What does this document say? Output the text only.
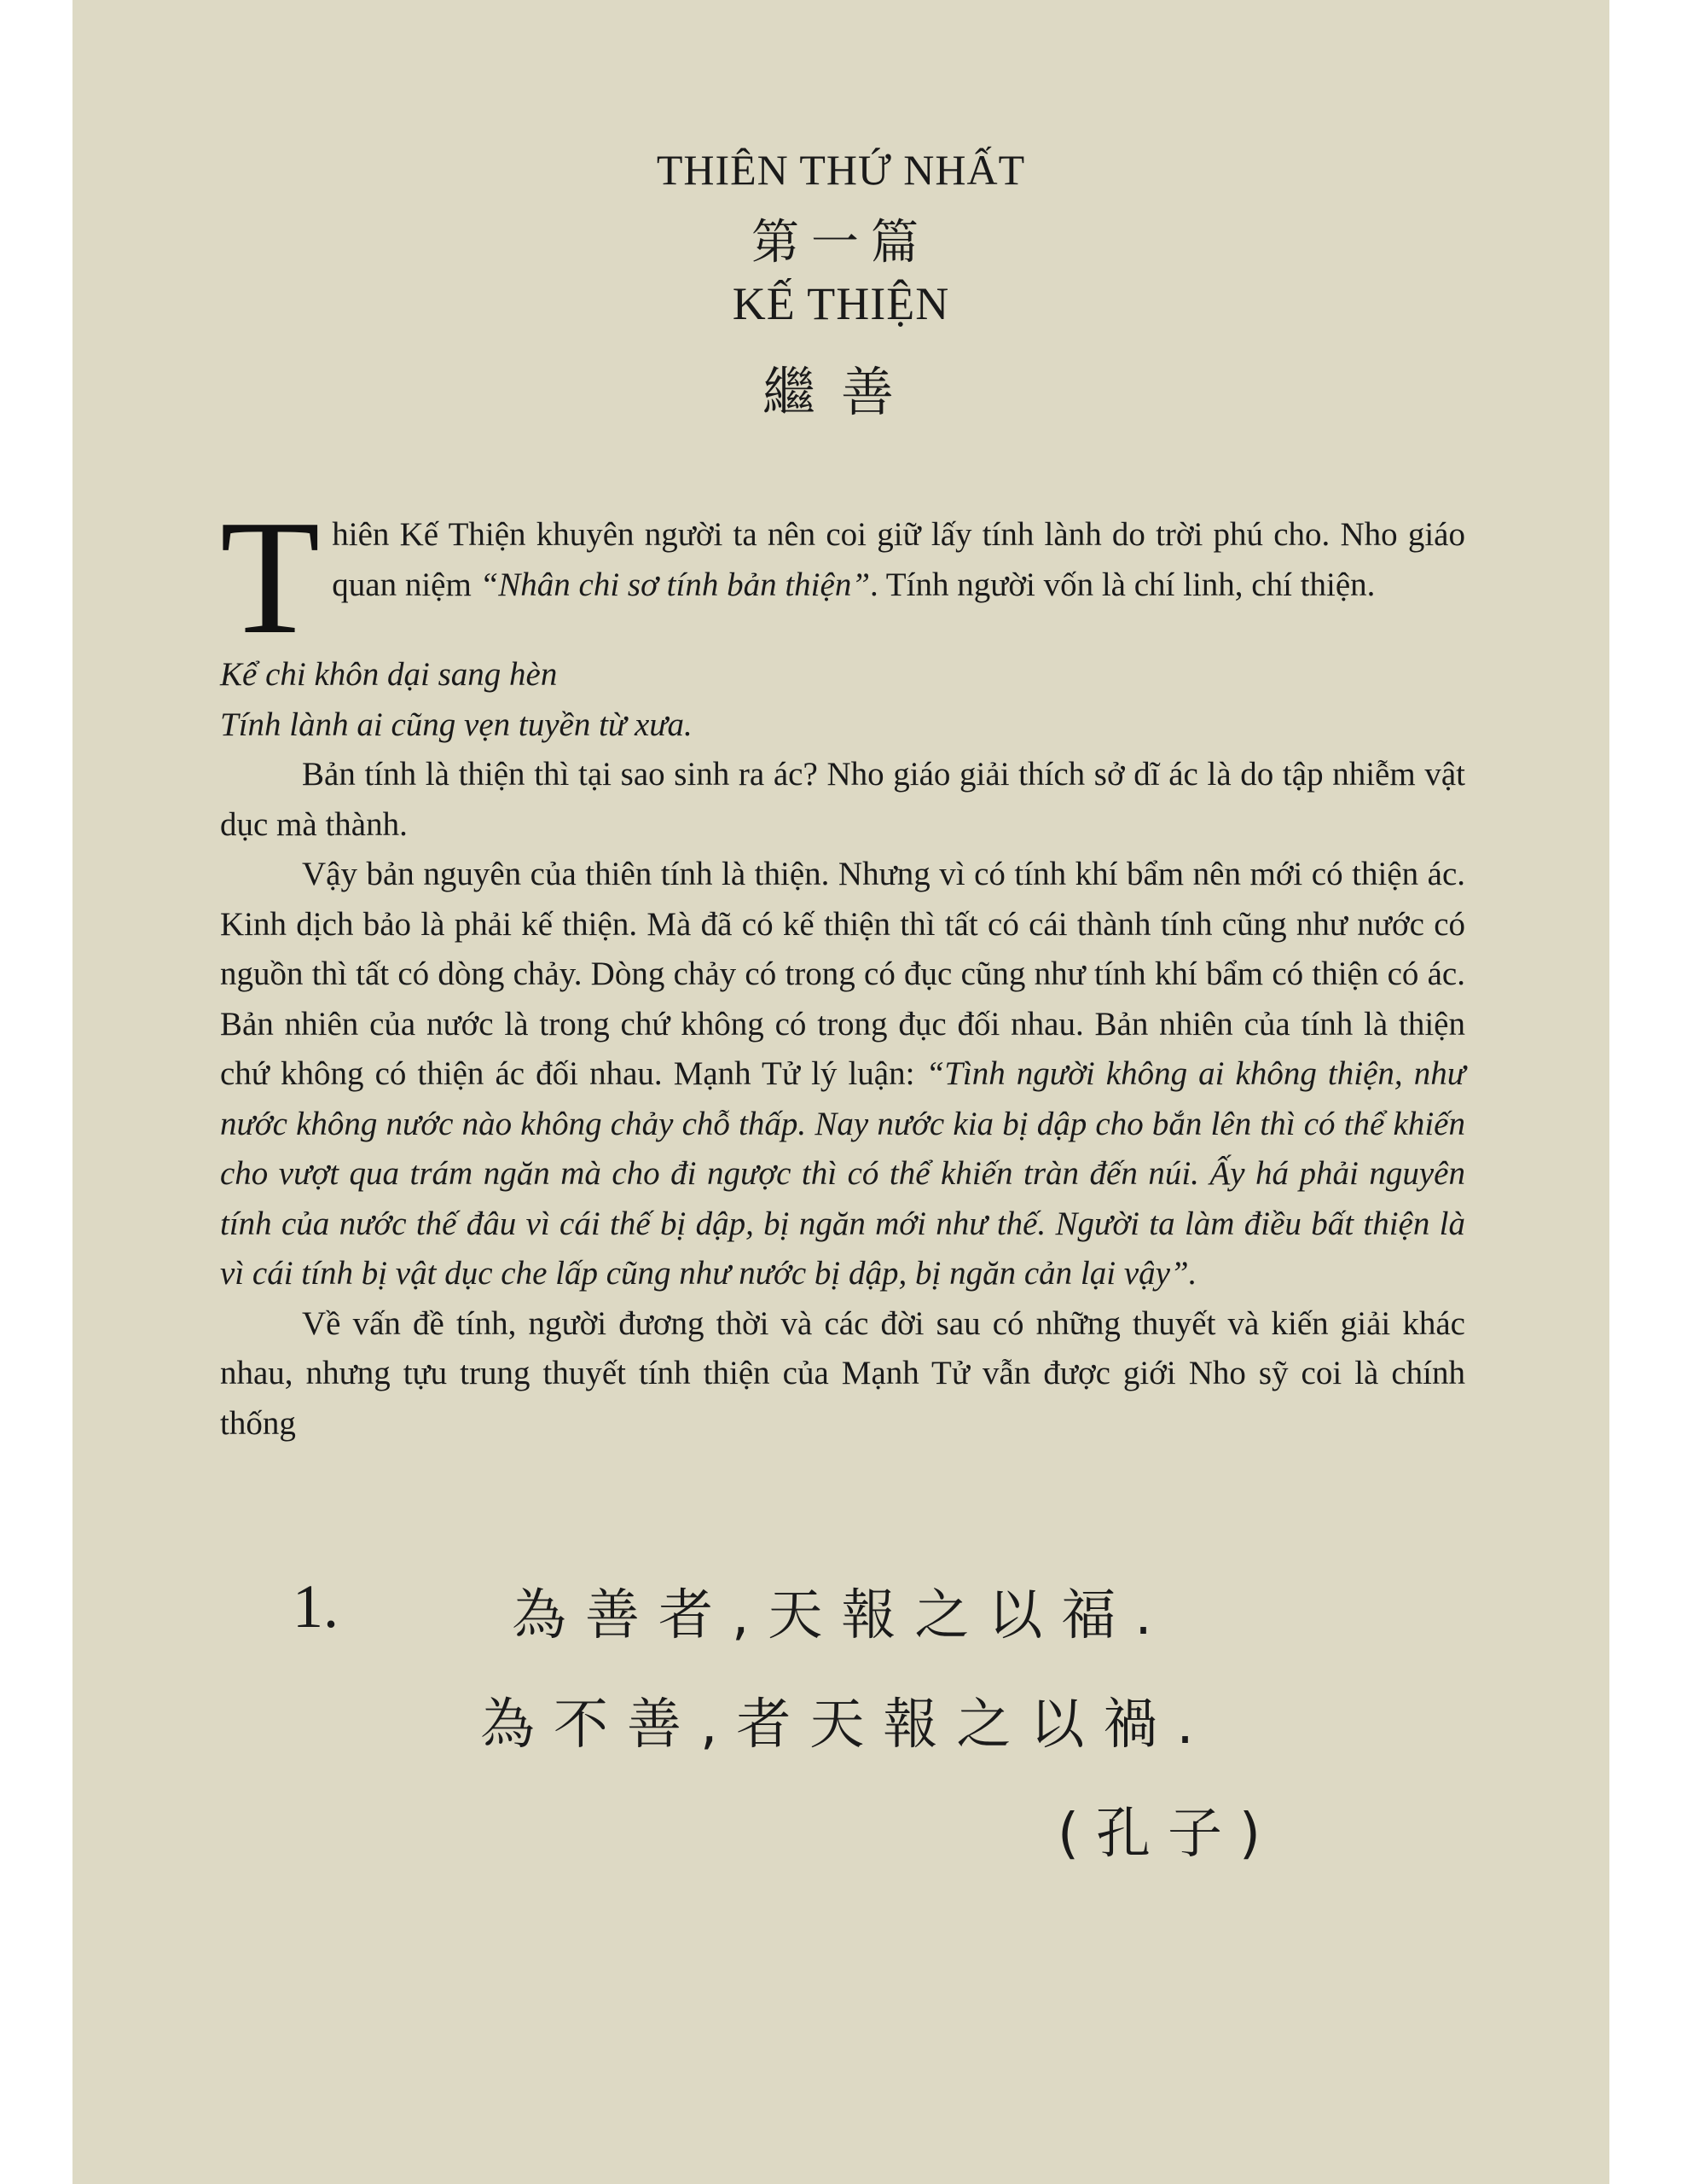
THIÊN THỨ NHẤT
第一篇
KẾ THIỆN
繼善

Thiên Kế Thiện khuyên người ta nên coi giữ lấy tính lành do trời phú cho. Nho giáo quan niệm “Nhân chi sơ tính bản thiện”. Tính người vốn là chí linh, chí thiện.

Kể chi khôn dại sang hèn

Tính lành ai cũng vẹn tuyền từ xưa.

Bản tính là thiện thì tại sao sinh ra ác? Nho giáo giải thích sở dĩ ác là do tập nhiễm vật dục mà thành.

Vậy bản nguyên của thiên tính là thiện. Nhưng vì có tính khí bẩm nên mới có thiện ác. Kinh dịch bảo là phải kế thiện. Mà đã có kế thiện thì tất có cái thành tính cũng như nước có nguồn thì tất có dòng chảy. Dòng chảy có trong có đục cũng như tính khí bẩm có thiện có ác. Bản nhiên của nước là trong chứ không có trong đục đối nhau. Bản nhiên của tính là thiện chứ không có thiện ác đối nhau. Mạnh Tử lý luận: “Tình người không ai không thiện, như nước không nước nào không chảy chỗ thấp. Nay nước kia bị dập cho bắn lên thì có thể khiến cho vượt qua trám ngăn mà cho đi ngược thì có thể khiến tràn đến núi. Ấy há phải nguyên tính của nước thế đâu vì cái thế bị dập, bị ngăn mới như thế. Người ta làm điều bất thiện là vì cái tính bị vật dục che lấp cũng như nước bị dập, bị ngăn cản lại vậy”.

Về vấn đề tính, người đương thời và các đời sau có những thuyết và kiến giải khác nhau, nhưng tựu trung thuyết tính thiện của Mạnh Tử vẫn được giới Nho sỹ coi là chính thống

1.	為善者,天報之以福.
為不善,者天報之以禍.
(孔子)
